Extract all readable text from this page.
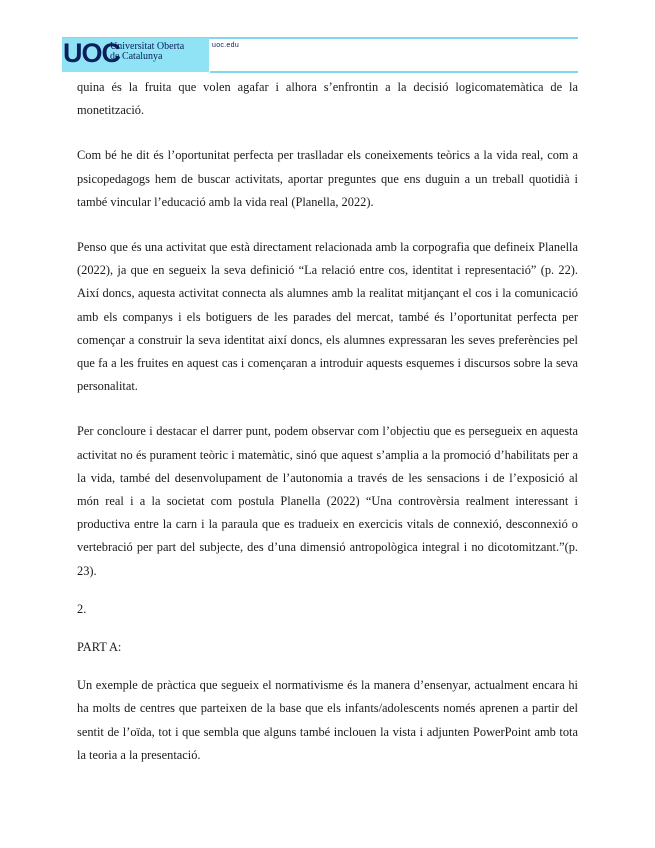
UOC
Universitat Oberta
de Catalunya
uoc.edu

quina és la fruita que volen agafar i alhora s’enfrontin a la decisió logicomatemàtica de la monetització.

Com bé he dit és l’oportunitat perfecta per traslladar els coneixements teòrics a la vida real, com a psicopedagogs hem de buscar activitats, aportar preguntes que ens duguin a un treball quotidià i també vincular l’educació amb la vida real (Planella, 2022).

Penso que és una activitat que està directament relacionada amb la corpografia que defineix Planella (2022), ja que en segueix la seva definició “La relació entre cos, identitat i representació” (p. 22). Així doncs, aquesta activitat connecta als alumnes amb la realitat mitjançant el cos i la comunicació amb els companys i els botiguers de les parades del mercat, també és l’oportunitat perfecta per començar a construir la seva identitat així doncs, els alumnes expressaran les seves preferències pel que fa a les fruites en aquest cas i començaran a introduir aquests esquemes i discursos sobre la seva personalitat.

Per concloure i destacar el darrer punt, podem observar com l’objectiu que es persegueix en aquesta activitat no és purament teòric i matemàtic, sinó que aquest s’amplia a la promoció d’habilitats per a la vida, també del desenvolupament de l’autonomia a través de les sensacions i de l’exposició al món real i a la societat com postula Planella (2022) “Una controvèrsia realment interessant i productiva entre la carn i la paraula que es tradueix en exercicis vitals de connexió, desconnexió o vertebració per part del subjecte, des d’una dimensió antropològica integral i no dicotomitzant.”(p. 23).

2.

PART A:

Un exemple de pràctica que segueix el normativisme és la manera d’ensenyar, actualment encara hi ha molts de centres que parteixen de la base que els infants/adolescents només aprenen a partir del sentit de l’oïda, tot i que sembla que alguns també inclouen la vista i adjunten PowerPoint amb tota la teoria a la presentació.
